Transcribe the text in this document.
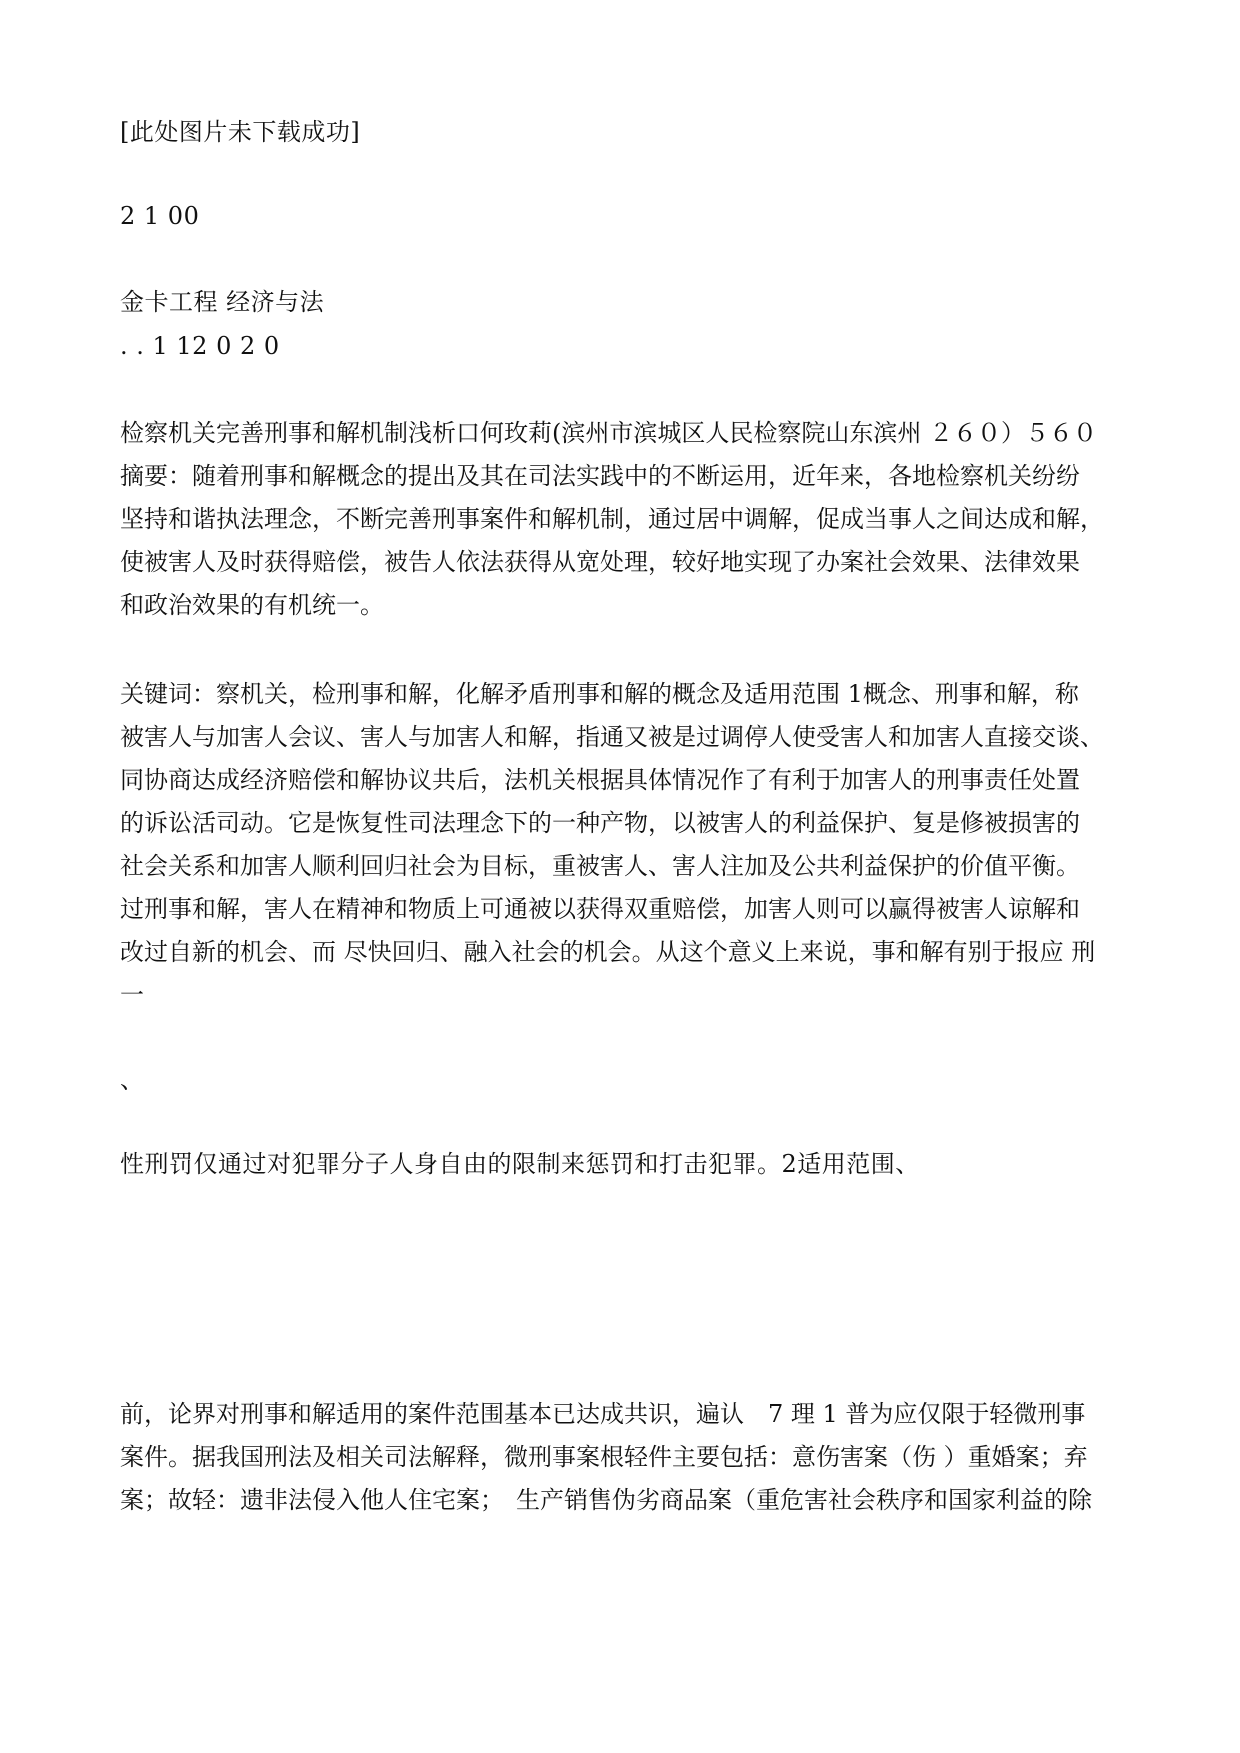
[此处图片未下载成功]
2 1 00
金卡工程 经济与法
. . 1 12 0 2 0
检察机关完善刑事和解机制浅析口何玫莉(滨州市滨城区人民检察院山东滨州 ２６０）５６０
摘要：随着刑事和解概念的提出及其在司法实践中的不断运用，近年来，各地检察机关纷纷
坚持和谐执法理念，不断完善刑事案件和解机制，通过居中调解，促成当事人之间达成和解，
使被害人及时获得赔偿，被告人依法获得从宽处理，较好地实现了办案社会效果、法律效果
和政治效果的有机统一。
关键词：察机关，检刑事和解，化解矛盾刑事和解的概念及适用范围 1概念、刑事和解，称
被害人与加害人会议、害人与加害人和解，指通又被是过调停人使受害人和加害人直接交谈、
同协商达成经济赔偿和解协议共后，法机关根据具体情况作了有利于加害人的刑事责任处置
的诉讼活司动。它是恢复性司法理念下的一种产物，以被害人的利益保护、复是修被损害的
社会关系和加害人顺利回归社会为目标，重被害人、害人注加及公共利益保护的价值平衡。
过刑事和解，害人在精神和物质上可通被以获得双重赔偿，加害人则可以赢得被害人谅解和
改过自新的机会、而 尽快回归、融入社会的机会。从这个意义上来说，事和解有别于报应 刑
一
、
性刑罚仅通过对犯罪分子人身自由的限制来惩罚和打击犯罪。2适用范围、
前，论界对刑事和解适用的案件范围基本已达成共识，遍认　7 理 1 普为应仅限于轻微刑事
案件。据我国刑法及相关司法解释，微刑事案根轻件主要包括：意伤害案（伤 ）重婚案；弃
案；故轻：遗非法侵入他人住宅案；　生产销售伪劣商品案（重危害社会秩序和国家利益的除
